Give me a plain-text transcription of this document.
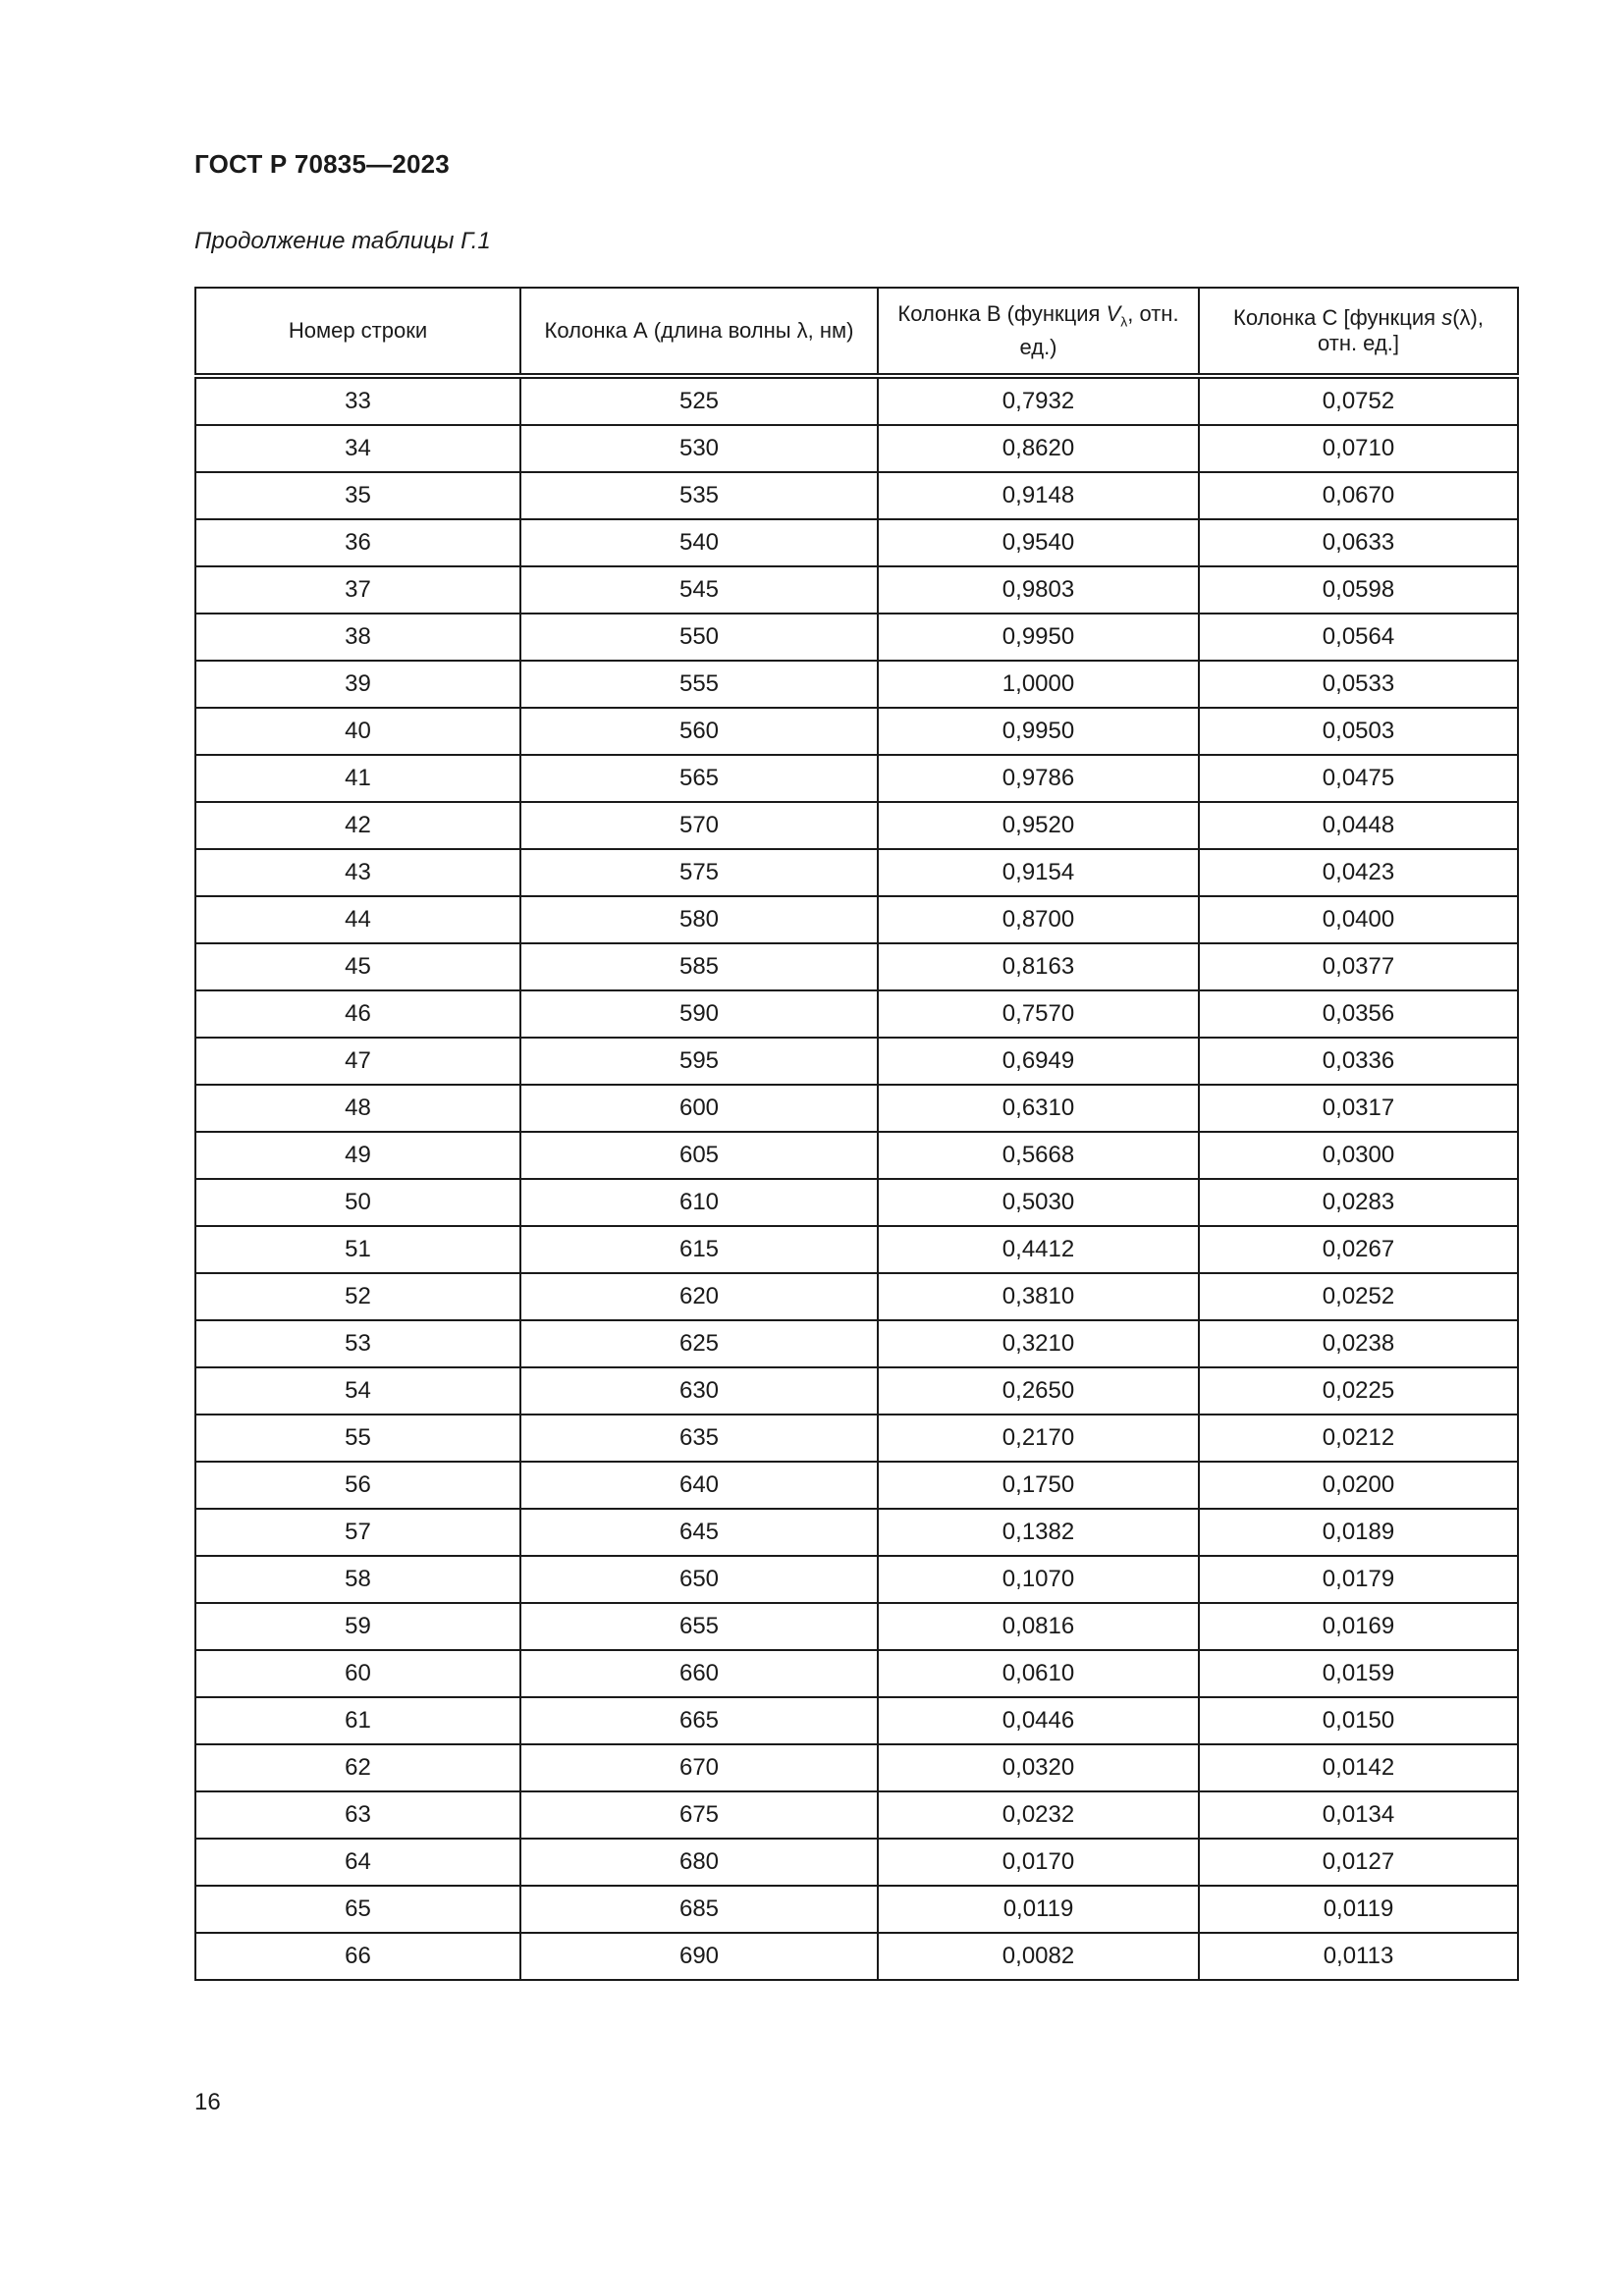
ГОСТ Р 70835—2023
Продолжение таблицы Г.1
Номер строки	Колонка А (длина волны λ, нм)	Колонка B (функция $V_\lambda$, отн. ед.)	Колонка C [функция s(λ), отн. ед.]
33	525	0,7932	0,0752
34	530	0,8620	0,0710
35	535	0,9148	0,0670
36	540	0,9540	0,0633
37	545	0,9803	0,0598
38	550	0,9950	0,0564
39	555	1,0000	0,0533
40	560	0,9950	0,0503
41	565	0,9786	0,0475
42	570	0,9520	0,0448
43	575	0,9154	0,0423
44	580	0,8700	0,0400
45	585	0,8163	0,0377
46	590	0,7570	0,0356
47	595	0,6949	0,0336
48	600	0,6310	0,0317
49	605	0,5668	0,0300
50	610	0,5030	0,0283
51	615	0,4412	0,0267
52	620	0,3810	0,0252
53	625	0,3210	0,0238
54	630	0,2650	0,0225
55	635	0,2170	0,0212
56	640	0,1750	0,0200
57	645	0,1382	0,0189
58	650	0,1070	0,0179
59	655	0,0816	0,0169
60	660	0,0610	0,0159
61	665	0,0446	0,0150
62	670	0,0320	0,0142
63	675	0,0232	0,0134
64	680	0,0170	0,0127
65	685	0,0119	0,0119
66	690	0,0082	0,0113
16
